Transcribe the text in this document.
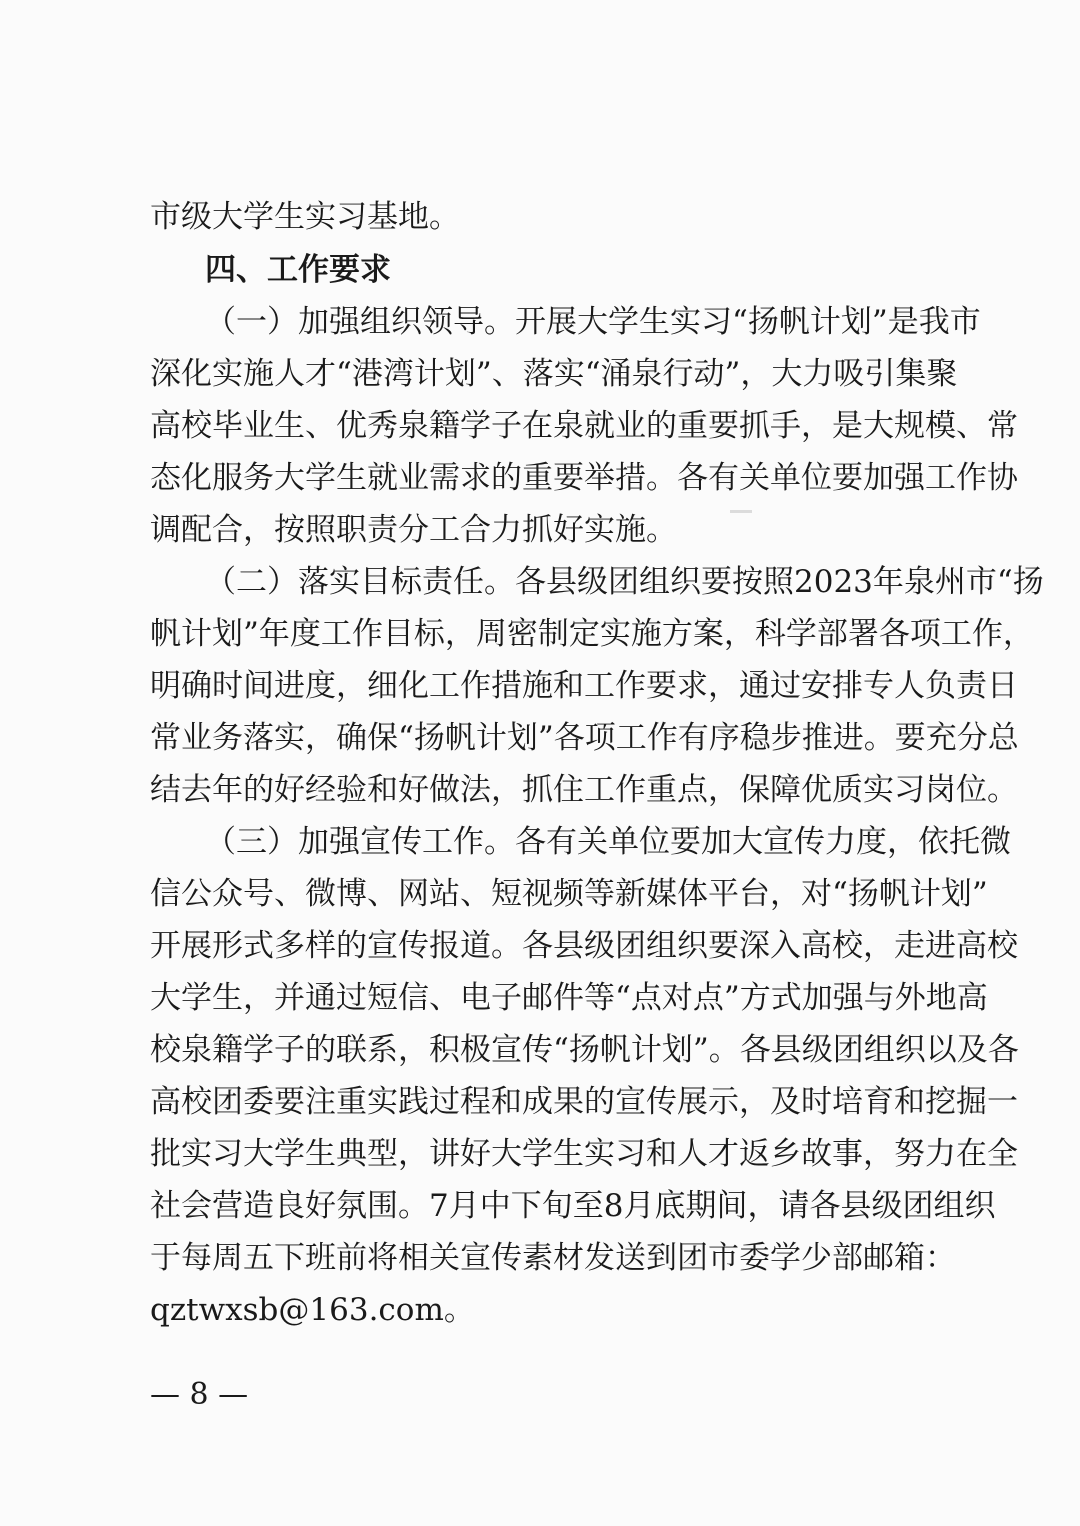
市级大学生实习基地。
四、工作要求
（一）加强组织领导。开展大学生实习“扬帆计划”是我市
深化实施人才“港湾计划”、落实“涌泉行动”，大力吸引集聚
高校毕业生、优秀泉籍学子在泉就业的重要抓手，是大规模、常
态化服务大学生就业需求的重要举措。各有关单位要加强工作协
调配合，按照职责分工合力抓好实施。
（二）落实目标责任。各县级团组织要按照2023年泉州市“扬
帆计划”年度工作目标，周密制定实施方案，科学部署各项工作，
明确时间进度，细化工作措施和工作要求，通过安排专人负责日
常业务落实，确保“扬帆计划”各项工作有序稳步推进。要充分总
结去年的好经验和好做法，抓住工作重点，保障优质实习岗位。
（三）加强宣传工作。各有关单位要加大宣传力度，依托微
信公众号、微博、网站、短视频等新媒体平台，对“扬帆计划”
开展形式多样的宣传报道。各县级团组织要深入高校，走进高校
大学生，并通过短信、电子邮件等“点对点”方式加强与外地高
校泉籍学子的联系，积极宣传“扬帆计划”。各县级团组织以及各
高校团委要注重实践过程和成果的宣传展示，及时培育和挖掘一
批实习大学生典型，讲好大学生实习和人才返乡故事，努力在全
社会营造良好氛围。7月中下旬至8月底期间，请各县级团组织
于每周五下班前将相关宣传素材发送到团市委学少部邮箱：
qztwxsb@163.com。
— 8 —
